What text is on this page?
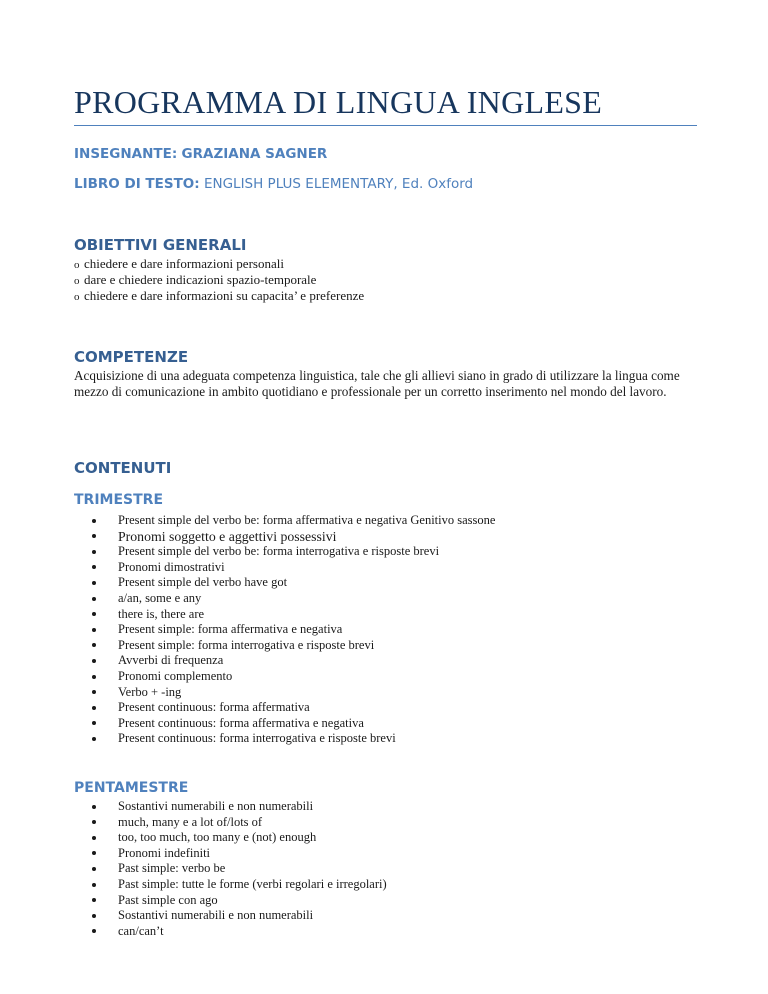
PROGRAMMA DI LINGUA INGLESE
INSEGNANTE: GRAZIANA SAGNER
LIBRO DI TESTO: ENGLISH PLUS ELEMENTARY, Ed. Oxford
OBIETTIVI GENERALI
o chiedere e dare informazioni personali
o dare e chiedere indicazioni spazio-temporale
o chiedere e dare informazioni su capacita’ e preferenze
COMPETENZE

Acquisizione di una adeguata competenza linguistica, tale che gli allievi siano in grado di utilizzare la lingua come mezzo di comunicazione in ambito quotidiano e professionale per un corretto inserimento nel mondo del lavoro.

CONTENUTI
TRIMESTRE
Present simple del verbo be: forma affermativa e negativa Genitivo sassone
Pronomi soggetto e aggettivi possessivi
Present simple del verbo be: forma interrogativa e risposte brevi
Pronomi dimostrativi
Present simple del verbo have got
a/an, some e any
there is, there are
Present simple: forma affermativa e negativa
Present simple: forma interrogativa e risposte brevi
Avverbi di frequenza
Pronomi complemento
Verbo + -ing
Present continuous: forma affermativa
Present continuous: forma affermativa e negativa
Present continuous: forma interrogativa e risposte brevi
PENTAMESTRE
Sostantivi numerabili e non numerabili
much, many e a lot of/lots of
too, too much, too many e (not) enough
Pronomi indefiniti
Past simple: verbo be
Past simple: tutte le forme (verbi regolari e irregolari)
Past simple con ago
Sostantivi numerabili e non numerabili
can/can’t
